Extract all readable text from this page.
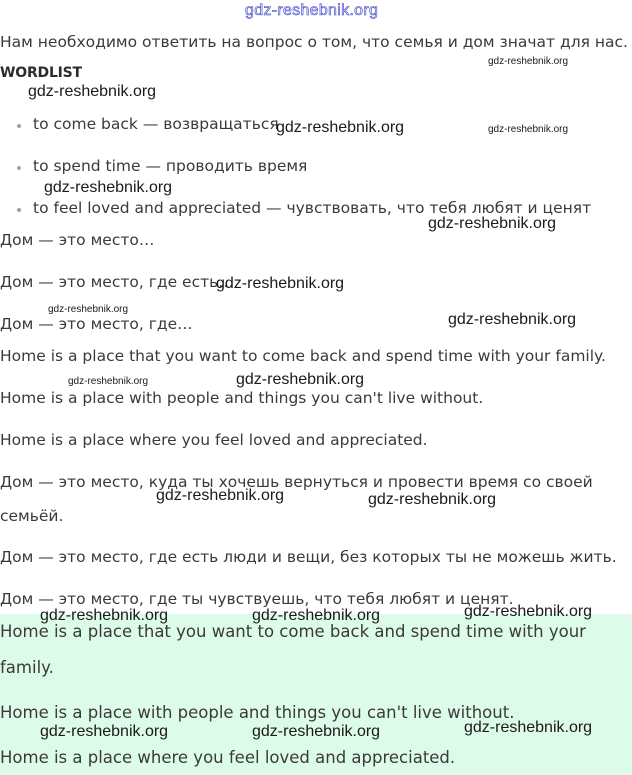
gdz-reshebnik.org
Нам необходимо ответить на вопрос о том, что семья и дом значат для нас.
WORDLIST
to come back — возвращаться
to spend time — проводить время
to feel loved and appreciated — чувствовать, что тебя любят и ценят
Дом — это место…
Дом — это место, где есть…
Дом — это место, где…
Home is a place that you want to come back and spend time with your family.
Home is a place with people and things you can't live without.
Home is a place where you feel loved and appreciated.
Дом — это место, куда ты хочешь вернуться и провести время со своей
семьёй.
Дом — это место, где есть люди и вещи, без которых ты не можешь жить.
Дом — это место, где ты чувствуешь, что тебя любят и ценят.
Home is a place that you want to come back and spend time with your
family.
Home is a place with people and things you can't live without.
Home is a place where you feel loved and appreciated.
gdz-reshebnik.org
gdz-reshebnik.org
gdz-reshebnik.org
gdz-reshebnik.org
gdz-reshebnik.org
gdz-reshebnik.org
gdz-reshebnik.org
gdz-reshebnik.org	gdz-reshebnik.org
gdz-reshebnik.org	gdz-reshebnik.org	gdz-reshebnik.org
gdz-reshebnik.org	gdz-reshebnik.org	gdz-reshebnik.org
gdz-reshebnik.org
gdz-reshebnik.org
gdz-reshebnik.org
gdz-reshebnik.org
